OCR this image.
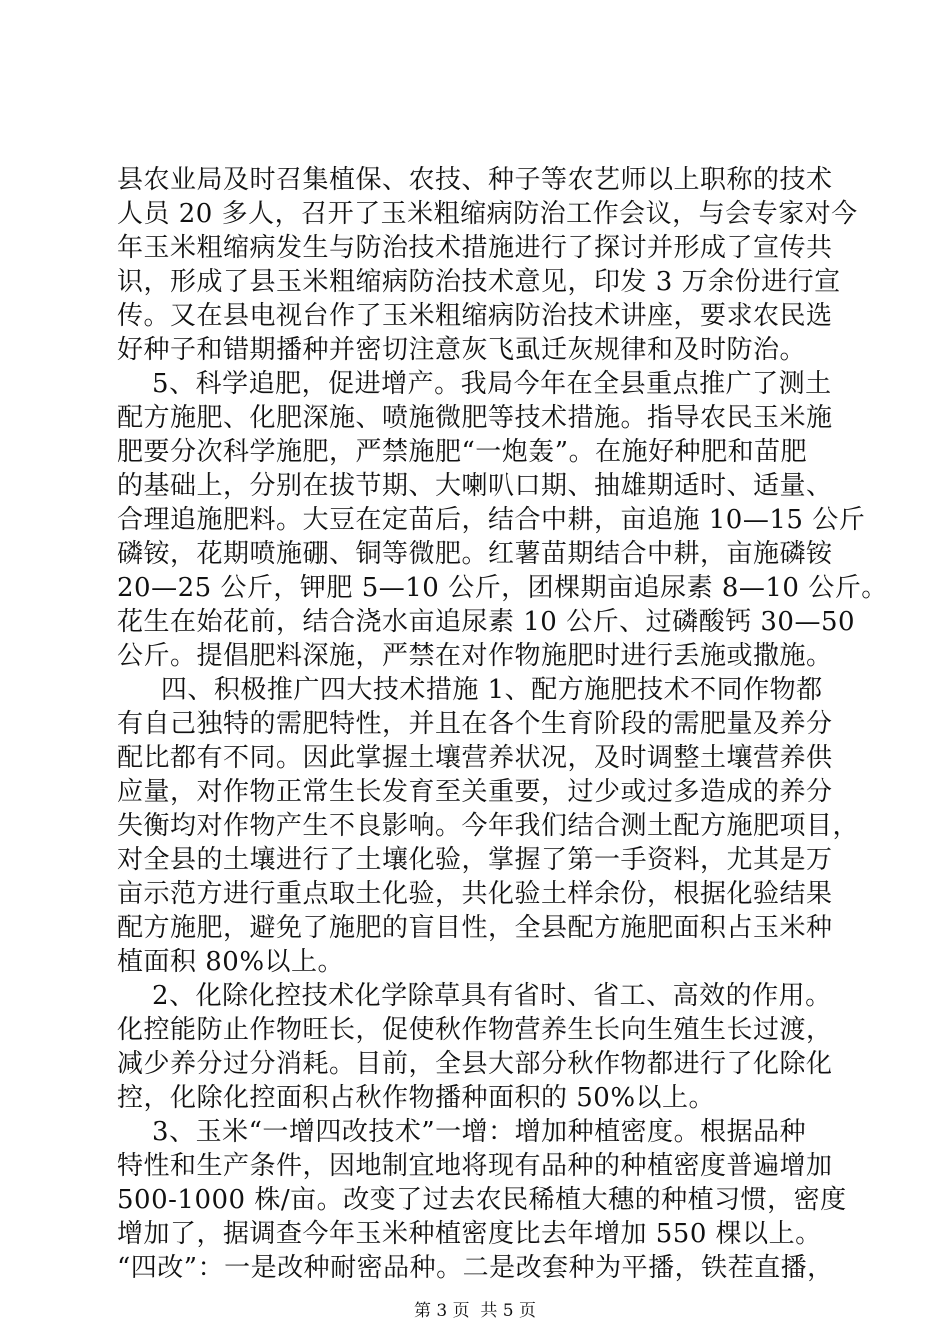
县农业局及时召集植保、农技、种子等农艺师以上职称的技术
人员 20 多人，召开了玉米粗缩病防治工作会议，与会专家对今
年玉米粗缩病发生与防治技术措施进行了探讨并形成了宣传共
识，形成了县玉米粗缩病防治技术意见，印发 3 万余份进行宣
传。又在县电视台作了玉米粗缩病防治技术讲座，要求农民选
好种子和错期播种并密切注意灰飞虱迁灰规律和及时防治。
5、科学追肥，促进增产。我局今年在全县重点推广了测土
配方施肥、化肥深施、喷施微肥等技术措施。指导农民玉米施
肥要分次科学施肥，严禁施肥“一炮轰”。在施好种肥和苗肥
的基础上，分别在拔节期、大喇叭口期、抽雄期适时、适量、
合理追施肥料。大豆在定苗后，结合中耕，亩追施 10—15 公斤
磷铵，花期喷施硼、铜等微肥。红薯苗期结合中耕，亩施磷铵
20—25 公斤，钾肥 5—10 公斤，团棵期亩追尿素 8—10 公斤。
花生在始花前，结合浇水亩追尿素 10 公斤、过磷酸钙 30—50
公斤。提倡肥料深施，严禁在对作物施肥时进行丢施或撒施。
四、积极推广四大技术措施 1、配方施肥技术不同作物都
有自己独特的需肥特性，并且在各个生育阶段的需肥量及养分
配比都有不同。因此掌握土壤营养状况，及时调整土壤营养供
应量，对作物正常生长发育至关重要，过少或过多造成的养分
失衡均对作物产生不良影响。今年我们结合测土配方施肥项目，
对全县的土壤进行了土壤化验，掌握了第一手资料，尤其是万
亩示范方进行重点取土化验，共化验土样余份，根据化验结果
配方施肥，避免了施肥的盲目性，全县配方施肥面积占玉米种
植面积 80%以上。
2、化除化控技术化学除草具有省时、省工、高效的作用。
化控能防止作物旺长，促使秋作物营养生长向生殖生长过渡，
减少养分过分消耗。目前，全县大部分秋作物都进行了化除化
控，化除化控面积占秋作物播种面积的 50%以上。
3、玉米“一增四改技术”一增：增加种植密度。根据品种
特性和生产条件，因地制宜地将现有品种的种植密度普遍增加
500-1000 株/亩。改变了过去农民稀植大穗的种植习惯，密度
增加了，据调查今年玉米种植密度比去年增加 550 棵以上。
“四改”：一是改种耐密品种。二是改套种为平播，铁茬直播，
第 3 页  共 5 页
